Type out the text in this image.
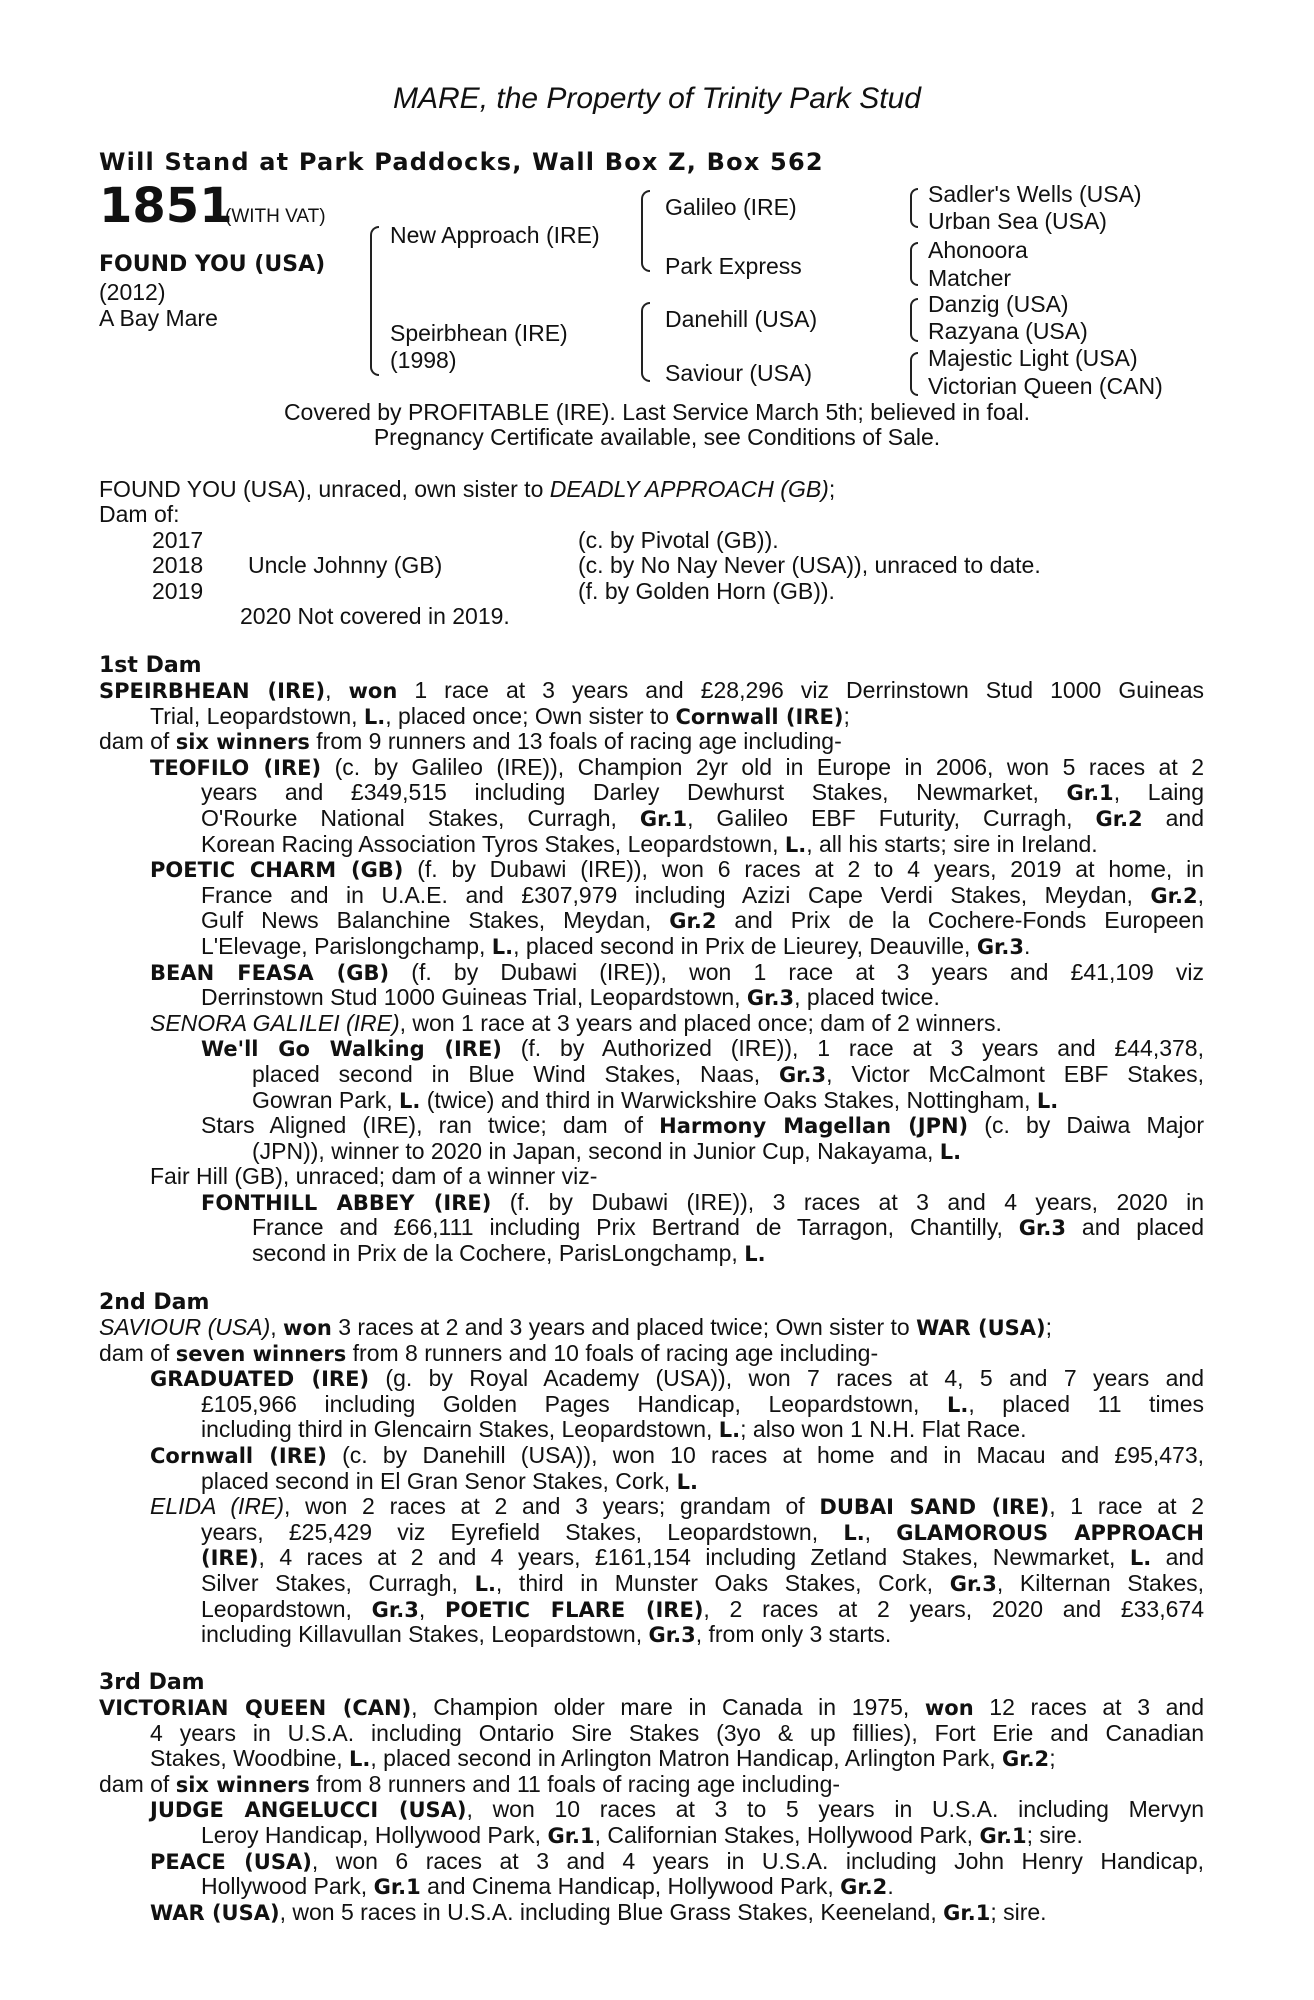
MARE, the Property of Trinity Park Stud
Will Stand at Park Paddocks, Wall Box Z, Box 562
1851
(WITH VAT)
FOUND YOU (USA)
(2012)
A Bay Mare
New Approach (IRE)
Speirbhean (IRE)
(1998)
Galileo (IRE)
Park Express
Danehill (USA)
Saviour (USA)
Sadler's Wells (USA)
Urban Sea (USA)
Ahonoora
Matcher
Danzig (USA)
Razyana (USA)
Majestic Light (USA)
Victorian Queen (CAN)
Covered by PROFITABLE (IRE). Last Service March 5th; believed in foal.
Pregnancy Certificate available, see Conditions of Sale.
FOUND YOU (USA), unraced, own sister to DEADLY APPROACH (GB);
Dam of:
2017	(c. by Pivotal (GB)).
2018 Uncle Johnny (GB)	(c. by No Nay Never (USA)), unraced to date.
2019	(f. by Golden Horn (GB)).
2020 Not covered in 2019.
1st Dam
SPEIRBHEAN (IRE), won 1 race at 3 years and £28,296 viz Derrinstown Stud 1000 Guineas
Trial, Leopardstown, L., placed once; Own sister to Cornwall (IRE);
dam of six winners from 9 runners and 13 foals of racing age including-
TEOFILO (IRE) (c. by Galileo (IRE)), Champion 2yr old in Europe in 2006, won 5 races at 2
years and £349,515 including Darley Dewhurst Stakes, Newmarket, Gr.1, Laing
O'Rourke National Stakes, Curragh, Gr.1, Galileo EBF Futurity, Curragh, Gr.2 and
Korean Racing Association Tyros Stakes, Leopardstown, L., all his starts; sire in Ireland.
POETIC CHARM (GB) (f. by Dubawi (IRE)), won 6 races at 2 to 4 years, 2019 at home, in
France and in U.A.E. and £307,979 including Azizi Cape Verdi Stakes, Meydan, Gr.2,
Gulf News Balanchine Stakes, Meydan, Gr.2 and Prix de la Cochere-Fonds Europeen
L'Elevage, Parislongchamp, L., placed second in Prix de Lieurey, Deauville, Gr.3.
BEAN FEASA (GB) (f. by Dubawi (IRE)), won 1 race at 3 years and £41,109 viz
Derrinstown Stud 1000 Guineas Trial, Leopardstown, Gr.3, placed twice.
SENORA GALILEI (IRE), won 1 race at 3 years and placed once; dam of 2 winners.
We'll Go Walking (IRE) (f. by Authorized (IRE)), 1 race at 3 years and £44,378,
placed second in Blue Wind Stakes, Naas, Gr.3, Victor McCalmont EBF Stakes,
Gowran Park, L. (twice) and third in Warwickshire Oaks Stakes, Nottingham, L.
Stars Aligned (IRE), ran twice; dam of Harmony Magellan (JPN) (c. by Daiwa Major
(JPN)), winner to 2020 in Japan, second in Junior Cup, Nakayama, L.
Fair Hill (GB), unraced; dam of a winner viz-
FONTHILL ABBEY (IRE) (f. by Dubawi (IRE)), 3 races at 3 and 4 years, 2020 in
France and £66,111 including Prix Bertrand de Tarragon, Chantilly, Gr.3 and placed
second in Prix de la Cochere, ParisLongchamp, L.
2nd Dam
SAVIOUR (USA), won 3 races at 2 and 3 years and placed twice; Own sister to WAR (USA);
dam of seven winners from 8 runners and 10 foals of racing age including-
GRADUATED (IRE) (g. by Royal Academy (USA)), won 7 races at 4, 5 and 7 years and
£105,966 including Golden Pages Handicap, Leopardstown, L., placed 11 times
including third in Glencairn Stakes, Leopardstown, L.; also won 1 N.H. Flat Race.
Cornwall (IRE) (c. by Danehill (USA)), won 10 races at home and in Macau and £95,473,
placed second in El Gran Senor Stakes, Cork, L.
ELIDA (IRE), won 2 races at 2 and 3 years; grandam of DUBAI SAND (IRE), 1 race at 2
years, £25,429 viz Eyrefield Stakes, Leopardstown, L., GLAMOROUS APPROACH
(IRE), 4 races at 2 and 4 years, £161,154 including Zetland Stakes, Newmarket, L. and
Silver Stakes, Curragh, L., third in Munster Oaks Stakes, Cork, Gr.3, Kilternan Stakes,
Leopardstown, Gr.3, POETIC FLARE (IRE), 2 races at 2 years, 2020 and £33,674
including Killavullan Stakes, Leopardstown, Gr.3, from only 3 starts.
3rd Dam
VICTORIAN QUEEN (CAN), Champion older mare in Canada in 1975, won 12 races at 3 and
4 years in U.S.A. including Ontario Sire Stakes (3yo & up fillies), Fort Erie and Canadian
Stakes, Woodbine, L., placed second in Arlington Matron Handicap, Arlington Park, Gr.2;
dam of six winners from 8 runners and 11 foals of racing age including-
JUDGE ANGELUCCI (USA), won 10 races at 3 to 5 years in U.S.A. including Mervyn
Leroy Handicap, Hollywood Park, Gr.1, Californian Stakes, Hollywood Park, Gr.1; sire.
PEACE (USA), won 6 races at 3 and 4 years in U.S.A. including John Henry Handicap,
Hollywood Park, Gr.1 and Cinema Handicap, Hollywood Park, Gr.2.
WAR (USA), won 5 races in U.S.A. including Blue Grass Stakes, Keeneland, Gr.1; sire.
